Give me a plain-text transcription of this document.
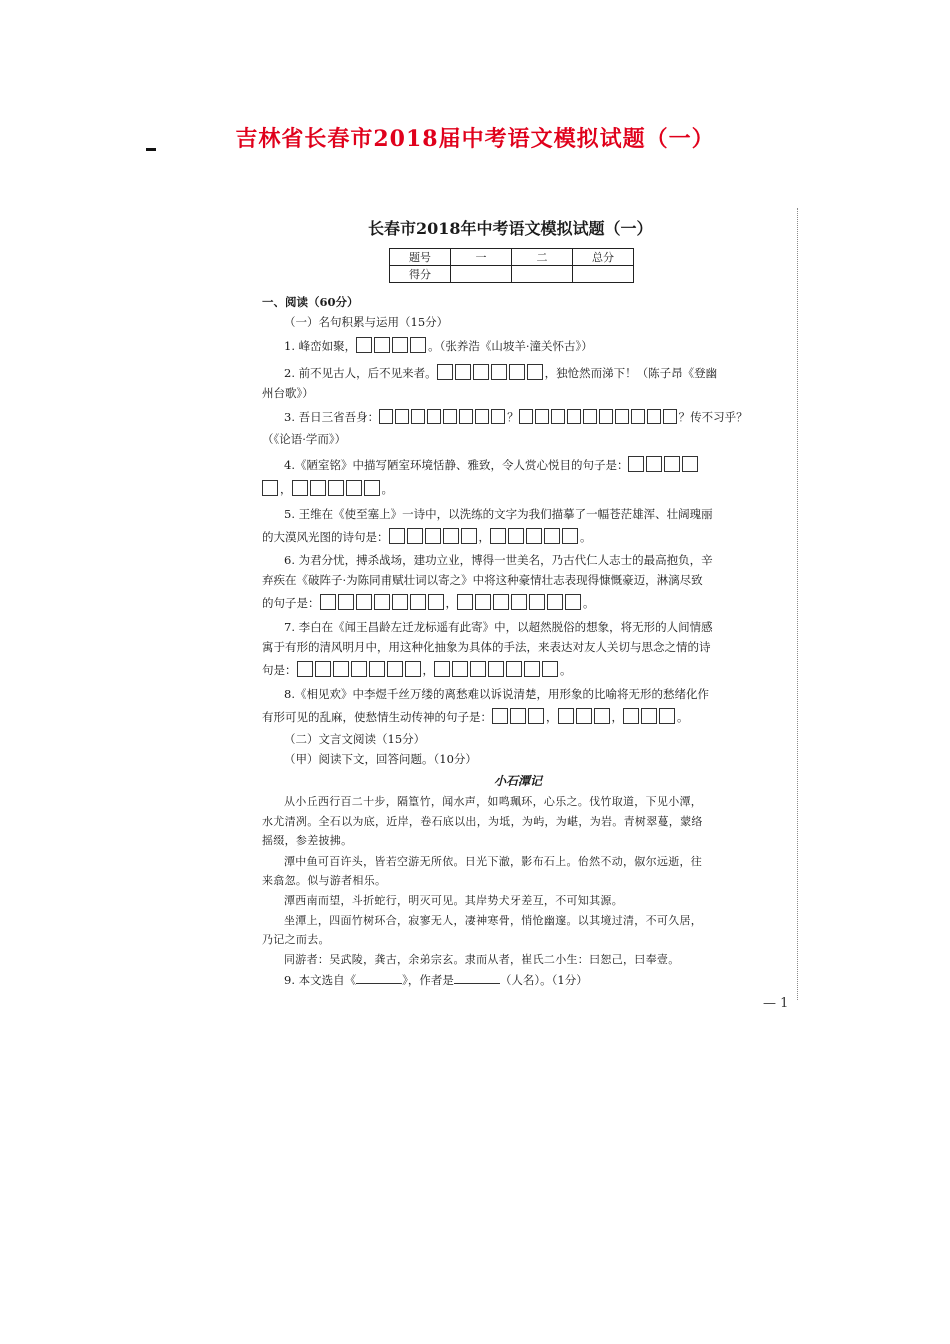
吉林省长春市2018届中考语文模拟试题（一）
长春市2018年中考语文模拟试题（一）
题号	一	二	总分
得分			
一、阅读（60分）
（一）名句积累与运用（15分）
1. 峰峦如聚，	。（张养浩《山坡羊·潼关怀古》）
2. 前不见古人，后不见来者。	，独怆然而涕下！（陈子昂《登幽
州台歌》）
3. 吾日三省吾身：	？	？传不习乎？
（《论语·学而》）
4.《陋室铭》中描写陋室环境恬静、雅致，令人赏心悦目的句子是：
，	。
5. 王维在《使至塞上》一诗中，以洗练的文字为我们描摹了一幅苍茫雄浑、壮阔瑰丽
的大漠风光图的诗句是：	，	。
6. 为君分忧，搏杀战场，建功立业，博得一世美名，乃古代仁人志士的最高抱负，辛
弃疾在《破阵子·为陈同甫赋壮词以寄之》中将这种豪情壮志表现得慷慨豪迈，淋漓尽致
的句子是：	，	。
7. 李白在《闻王昌龄左迁龙标遥有此寄》中，以超然脱俗的想象，将无形的人间情感
寓于有形的清风明月中，用这种化抽象为具体的手法，来表达对友人关切与思念之情的诗
句是：	，	。
8.《相见欢》中李煜千丝万缕的离愁难以诉说清楚，用形象的比喻将无形的愁绪化作
有形可见的乱麻，使愁情生动传神的句子是：	，	，	。
（二）文言文阅读（15分）
（甲）阅读下文，回答问题。（10分）
小石潭记
从小丘西行百二十步，隔篁竹，闻水声，如鸣珮环，心乐之。伐竹取道，下见小潭，
水尤清冽。全石以为底，近岸，卷石底以出，为坻，为屿，为嵁，为岩。青树翠蔓，蒙络
摇缀，参差披拂。
潭中鱼可百许头，皆若空游无所依。日光下澈，影布石上。佁然不动，俶尔远逝，往
来翕忽。似与游者相乐。
潭西南而望，斗折蛇行，明灭可见。其岸势犬牙差互，不可知其源。
坐潭上，四面竹树环合，寂寥无人，凄神寒骨，悄怆幽邃。以其境过清，不可久居，
乃记之而去。
同游者：吴武陵，龚古，余弟宗玄。隶而从者，崔氏二小生：曰恕己，曰奉壹。
9. 本文选自《	》，作者是	（人名）。（1分）
— 1
